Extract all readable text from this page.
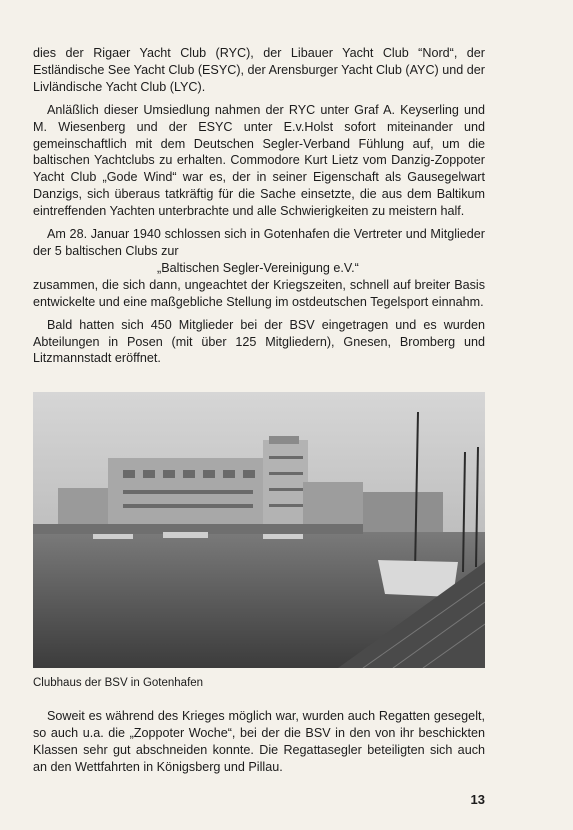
dies der Rigaer Yacht Club (RYC), der Libauer Yacht Club “Nord“, der Estländische See Yacht Club (ESYC), der Arensburger Yacht Club (AYC) und der Livländische Yacht Club (LYC).

Anläßlich dieser Umsiedlung nahmen der RYC unter Graf A. Keyserling und M. Wiesenberg und der ESYC unter E.v.Holst sofort miteinander und gemeinschaftlich mit dem Deutschen Segler-Verband Fühlung auf, um die baltischen Yachtclubs zu erhalten. Commodore Kurt Lietz vom Danzig-Zoppoter Yacht Club „Gode Wind“ war es, der in seiner Eigenschaft als Gausegelwart Danzigs, sich überaus tatkräftig für die Sache einsetzte, die aus dem Baltikum eintreffenden Yachten unterbrachte und alle Schwierigkeiten zu meistern half.

Am 28. Januar 1940 schlossen sich in Gotenhafen die Vertreter und Mitglieder der 5 baltischen Clubs zur
„Baltischen Segler-Vereinigung e.V.“
zusammen, die sich dann, ungeachtet der Kriegszeiten, schnell auf breiter Basis entwickelte und eine maßgebliche Stellung im ostdeutschen Tegelsport einnahm.

Bald hatten sich 450 Mitglieder bei der BSV eingetragen und es wurden Abteilungen in Posen (mit über 125 Mitgliedern), Gnesen, Bromberg und Litzmannstadt eröffnet.

Clubhaus der BSV in Gotenhafen

Soweit es während des Krieges möglich war, wurden auch Regatten gesegelt, so auch u.a. die „Zoppoter Woche“, bei der die BSV in den von ihr beschickten Klassen sehr gut abschneiden konnte. Die Regattasegler beteiligten sich auch an den Wettfahrten in Königsberg und Pillau.

13
